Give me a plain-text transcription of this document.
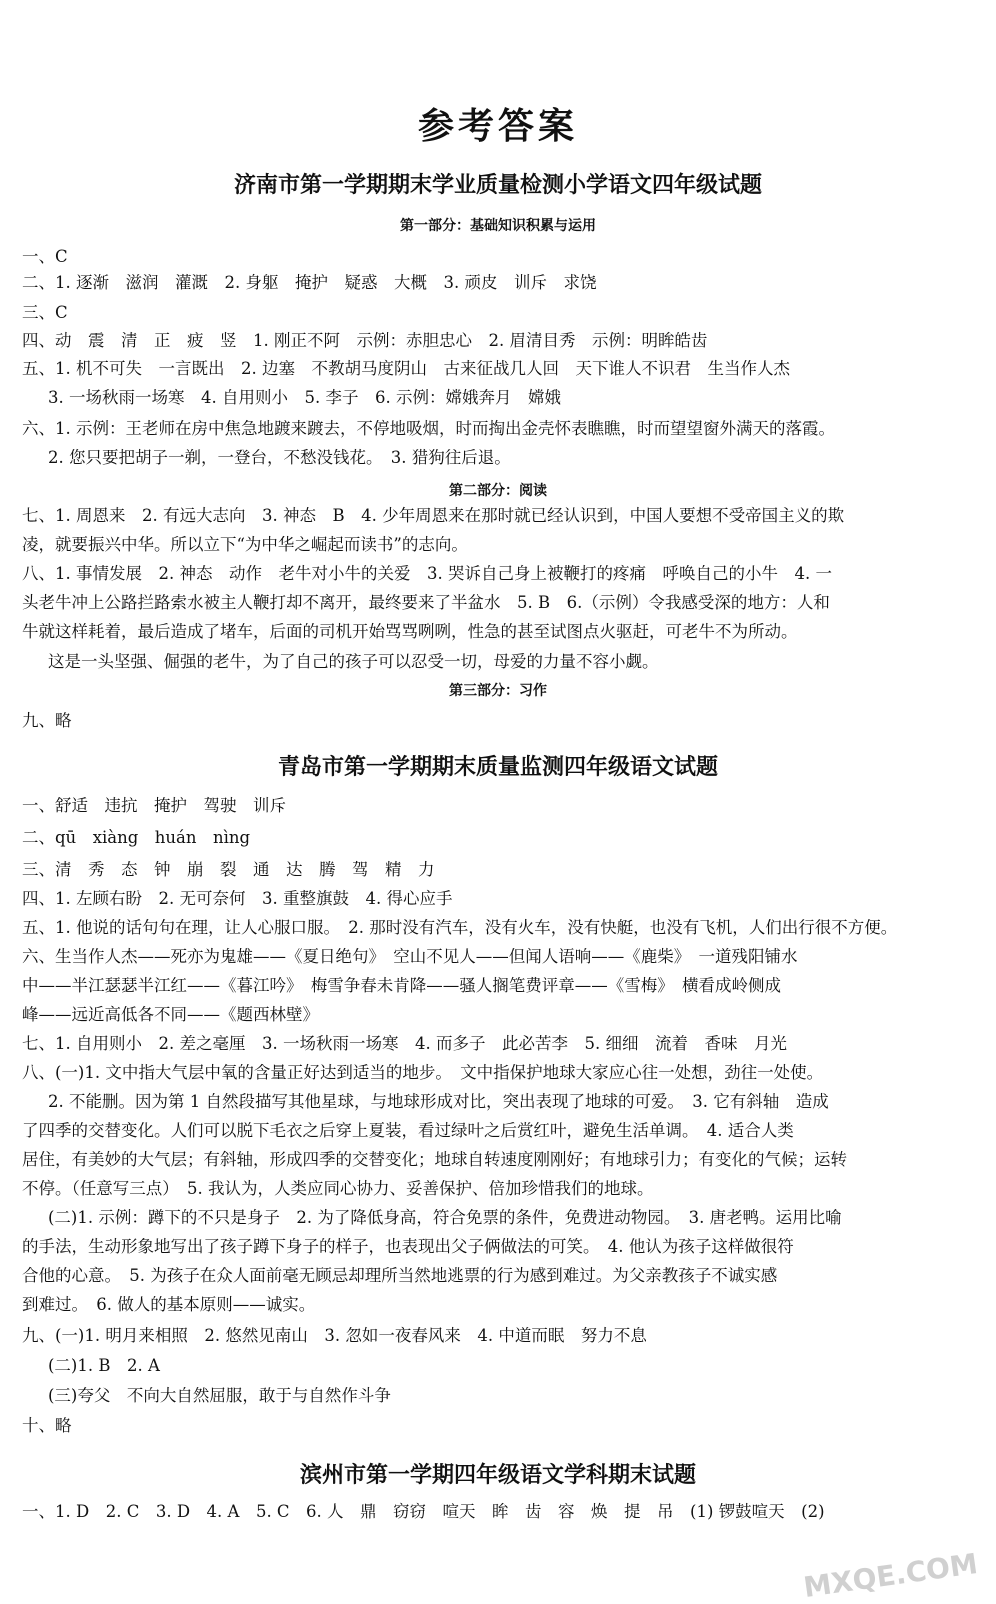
参考答案
济南市第一学期期末学业质量检测小学语文四年级试题
第一部分：基础知识积累与运用
一、C
二、1. 逐渐　滋润　灌溉　2. 身躯　掩护　疑惑　大概　3. 顽皮　训斥　求饶
三、C
四、动　震　清　正　疲　竖　1. 刚正不阿　示例：赤胆忠心　2. 眉清目秀　示例：明眸皓齿
五、1. 机不可失　一言既出　2. 边塞　不教胡马度阴山　古来征战几人回　天下谁人不识君　生当作人杰
3. 一场秋雨一场寒　4. 自用则小　5. 李子　6. 示例：嫦娥奔月　嫦娥
六、1. 示例：王老师在房中焦急地踱来踱去，不停地吸烟，时而掏出金壳怀表瞧瞧，时而望望窗外满天的落霞。
2. 您只要把胡子一剃，一登台，不愁没钱花。　3. 猎狗往后退。
第二部分：阅读
七、1. 周恩来　2. 有远大志向　3. 神态　B　4. 少年周恩来在那时就已经认识到，中国人要想不受帝国主义的欺
凌，就要振兴中华。所以立下“为中华之崛起而读书”的志向。
八、1. 事情发展　2. 神态　动作　老牛对小牛的关爱　3. 哭诉自己身上被鞭打的疼痛　呼唤自己的小牛　4. 一
头老牛冲上公路拦路索水被主人鞭打却不离开，最终要来了半盆水　5. B　6.（示例）令我感受深的地方：人和
牛就这样耗着，最后造成了堵车，后面的司机开始骂骂咧咧，性急的甚至试图点火驱赶，可老牛不为所动。
这是一头坚强、倔强的老牛，为了自己的孩子可以忍受一切，母爱的力量不容小觑。
第三部分：习作
九、略
青岛市第一学期期末质量监测四年级语文试题
一、舒适　违抗　掩护　驾驶　训斥
二、qū　xiàng　huán　nìng
三、清　秀　态　钟　崩　裂　通　达　腾　驾　精　力
四、1. 左顾右盼　2. 无可奈何　3. 重整旗鼓　4. 得心应手
五、1. 他说的话句句在理，让人心服口服。　2. 那时没有汽车，没有火车，没有快艇，也没有飞机，人们出行很不方便。
六、生当作人杰——死亦为鬼雄——《夏日绝句》　空山不见人——但闻人语响——《鹿柴》　一道残阳铺水
中——半江瑟瑟半江红——《暮江吟》　梅雪争春未肯降——骚人搁笔费评章——《雪梅》　横看成岭侧成
峰——远近高低各不同——《题西林壁》
七、1. 自用则小　2. 差之毫厘　3. 一场秋雨一场寒　4. 而多子　此必苦李　5. 细细　流着　香味　月光
八、(一)1. 文中指大气层中氧的含量正好达到适当的地步。　文中指保护地球大家应心往一处想，劲往一处使。
2. 不能删。因为第 1 自然段描写其他星球，与地球形成对比，突出表现了地球的可爱。　3. 它有斜轴　造成
了四季的交替变化。人们可以脱下毛衣之后穿上夏装，看过绿叶之后赏红叶，避免生活单调。　4. 适合人类
居住，有美妙的大气层；有斜轴，形成四季的交替变化；地球自转速度刚刚好；有地球引力；有变化的气候；运转
不停。（任意写三点）　5. 我认为，人类应同心协力、妥善保护、倍加珍惜我们的地球。
(二)1. 示例：蹲下的不只是身子　2. 为了降低身高，符合免票的条件，免费进动物园。　3. 唐老鸭。运用比喻
的手法，生动形象地写出了孩子蹲下身子的样子，也表现出父子俩做法的可笑。　4. 他认为孩子这样做很符
合他的心意。　5. 为孩子在众人面前毫无顾忌却理所当然地逃票的行为感到难过。为父亲教孩子不诚实感
到难过。　6. 做人的基本原则——诚实。
九、(一)1. 明月来相照　2. 悠然见南山　3. 忽如一夜春风来　4. 中道而眠　努力不息
(二)1. B　2. A
(三)夸父　不向大自然屈服，敢于与自然作斗争
十、略
滨州市第一学期四年级语文学科期末试题
一、1. D　2. C　3. D　4. A　5. C　6. 人　鼎　窃窃　喧天　眸　齿　容　焕　提　吊　(1) 锣鼓喧天　(2)
MXQE.COM
